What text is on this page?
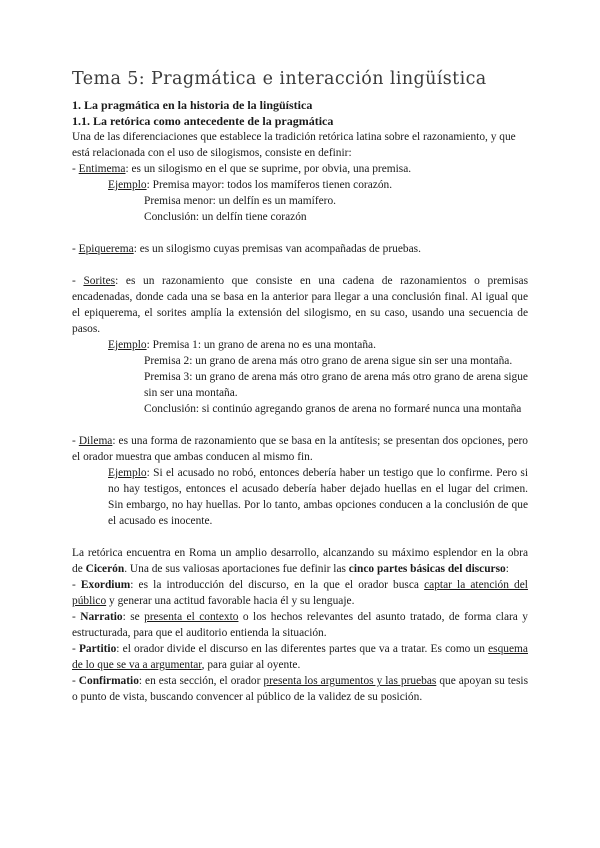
Tema 5: Pragmática e interacción lingüística

1. La pragmática en la historia de la lingüística

1.1. La retórica como antecedente de la pragmática

Una de las diferenciaciones que establece la tradición retórica latina sobre el razonamiento, y que está relacionada con el uso de silogismos, consiste en definir:

- Entimema: es un silogismo en el que se suprime, por obvia, una premisa.

Ejemplo: Premisa mayor: todos los mamíferos tienen corazón.

Premisa menor: un delfín es un mamífero.

Conclusión: un delfín tiene corazón

- Epiquerema: es un silogismo cuyas premisas van acompañadas de pruebas.

- Sorites: es un razonamiento que consiste en una cadena de razonamientos o premisas encadenadas, donde cada una se basa en la anterior para llegar a una conclusión final. Al igual que el epiquerema, el sorites amplía la extensión del silogismo, en su caso, usando una secuencia de pasos.

Ejemplo: Premisa 1: un grano de arena no es una montaña.

Premisa 2: un grano de arena más otro grano de arena sigue sin ser una montaña.

Premisa 3: un grano de arena más otro grano de arena más otro grano de arena sigue sin ser una montaña.

Conclusión: si continúo agregando granos de arena no formaré nunca una montaña

- Dilema: es una forma de razonamiento que se basa en la antítesis; se presentan dos opciones, pero el orador muestra que ambas conducen al mismo fin.

Ejemplo: Si el acusado no robó, entonces debería haber un testigo que lo confirme. Pero si no hay testigos, entonces el acusado debería haber dejado huellas en el lugar del crimen. Sin embargo, no hay huellas. Por lo tanto, ambas opciones conducen a la conclusión de que el acusado es inocente.

La retórica encuentra en Roma un amplio desarrollo, alcanzando su máximo esplendor en la obra de Cicerón. Una de sus valiosas aportaciones fue definir las cinco partes básicas del discurso:

- Exordium: es la introducción del discurso, en la que el orador busca captar la atención del público y generar una actitud favorable hacia él y su lenguaje.

- Narratio: se presenta el contexto o los hechos relevantes del asunto tratado, de forma clara y estructurada, para que el auditorio entienda la situación.

- Partitio: el orador divide el discurso en las diferentes partes que va a tratar. Es como un esquema de lo que se va a argumentar, para guiar al oyente.

- Confirmatio: en esta sección, el orador presenta los argumentos y las pruebas que apoyan su tesis o punto de vista, buscando convencer al público de la validez de su posición.
